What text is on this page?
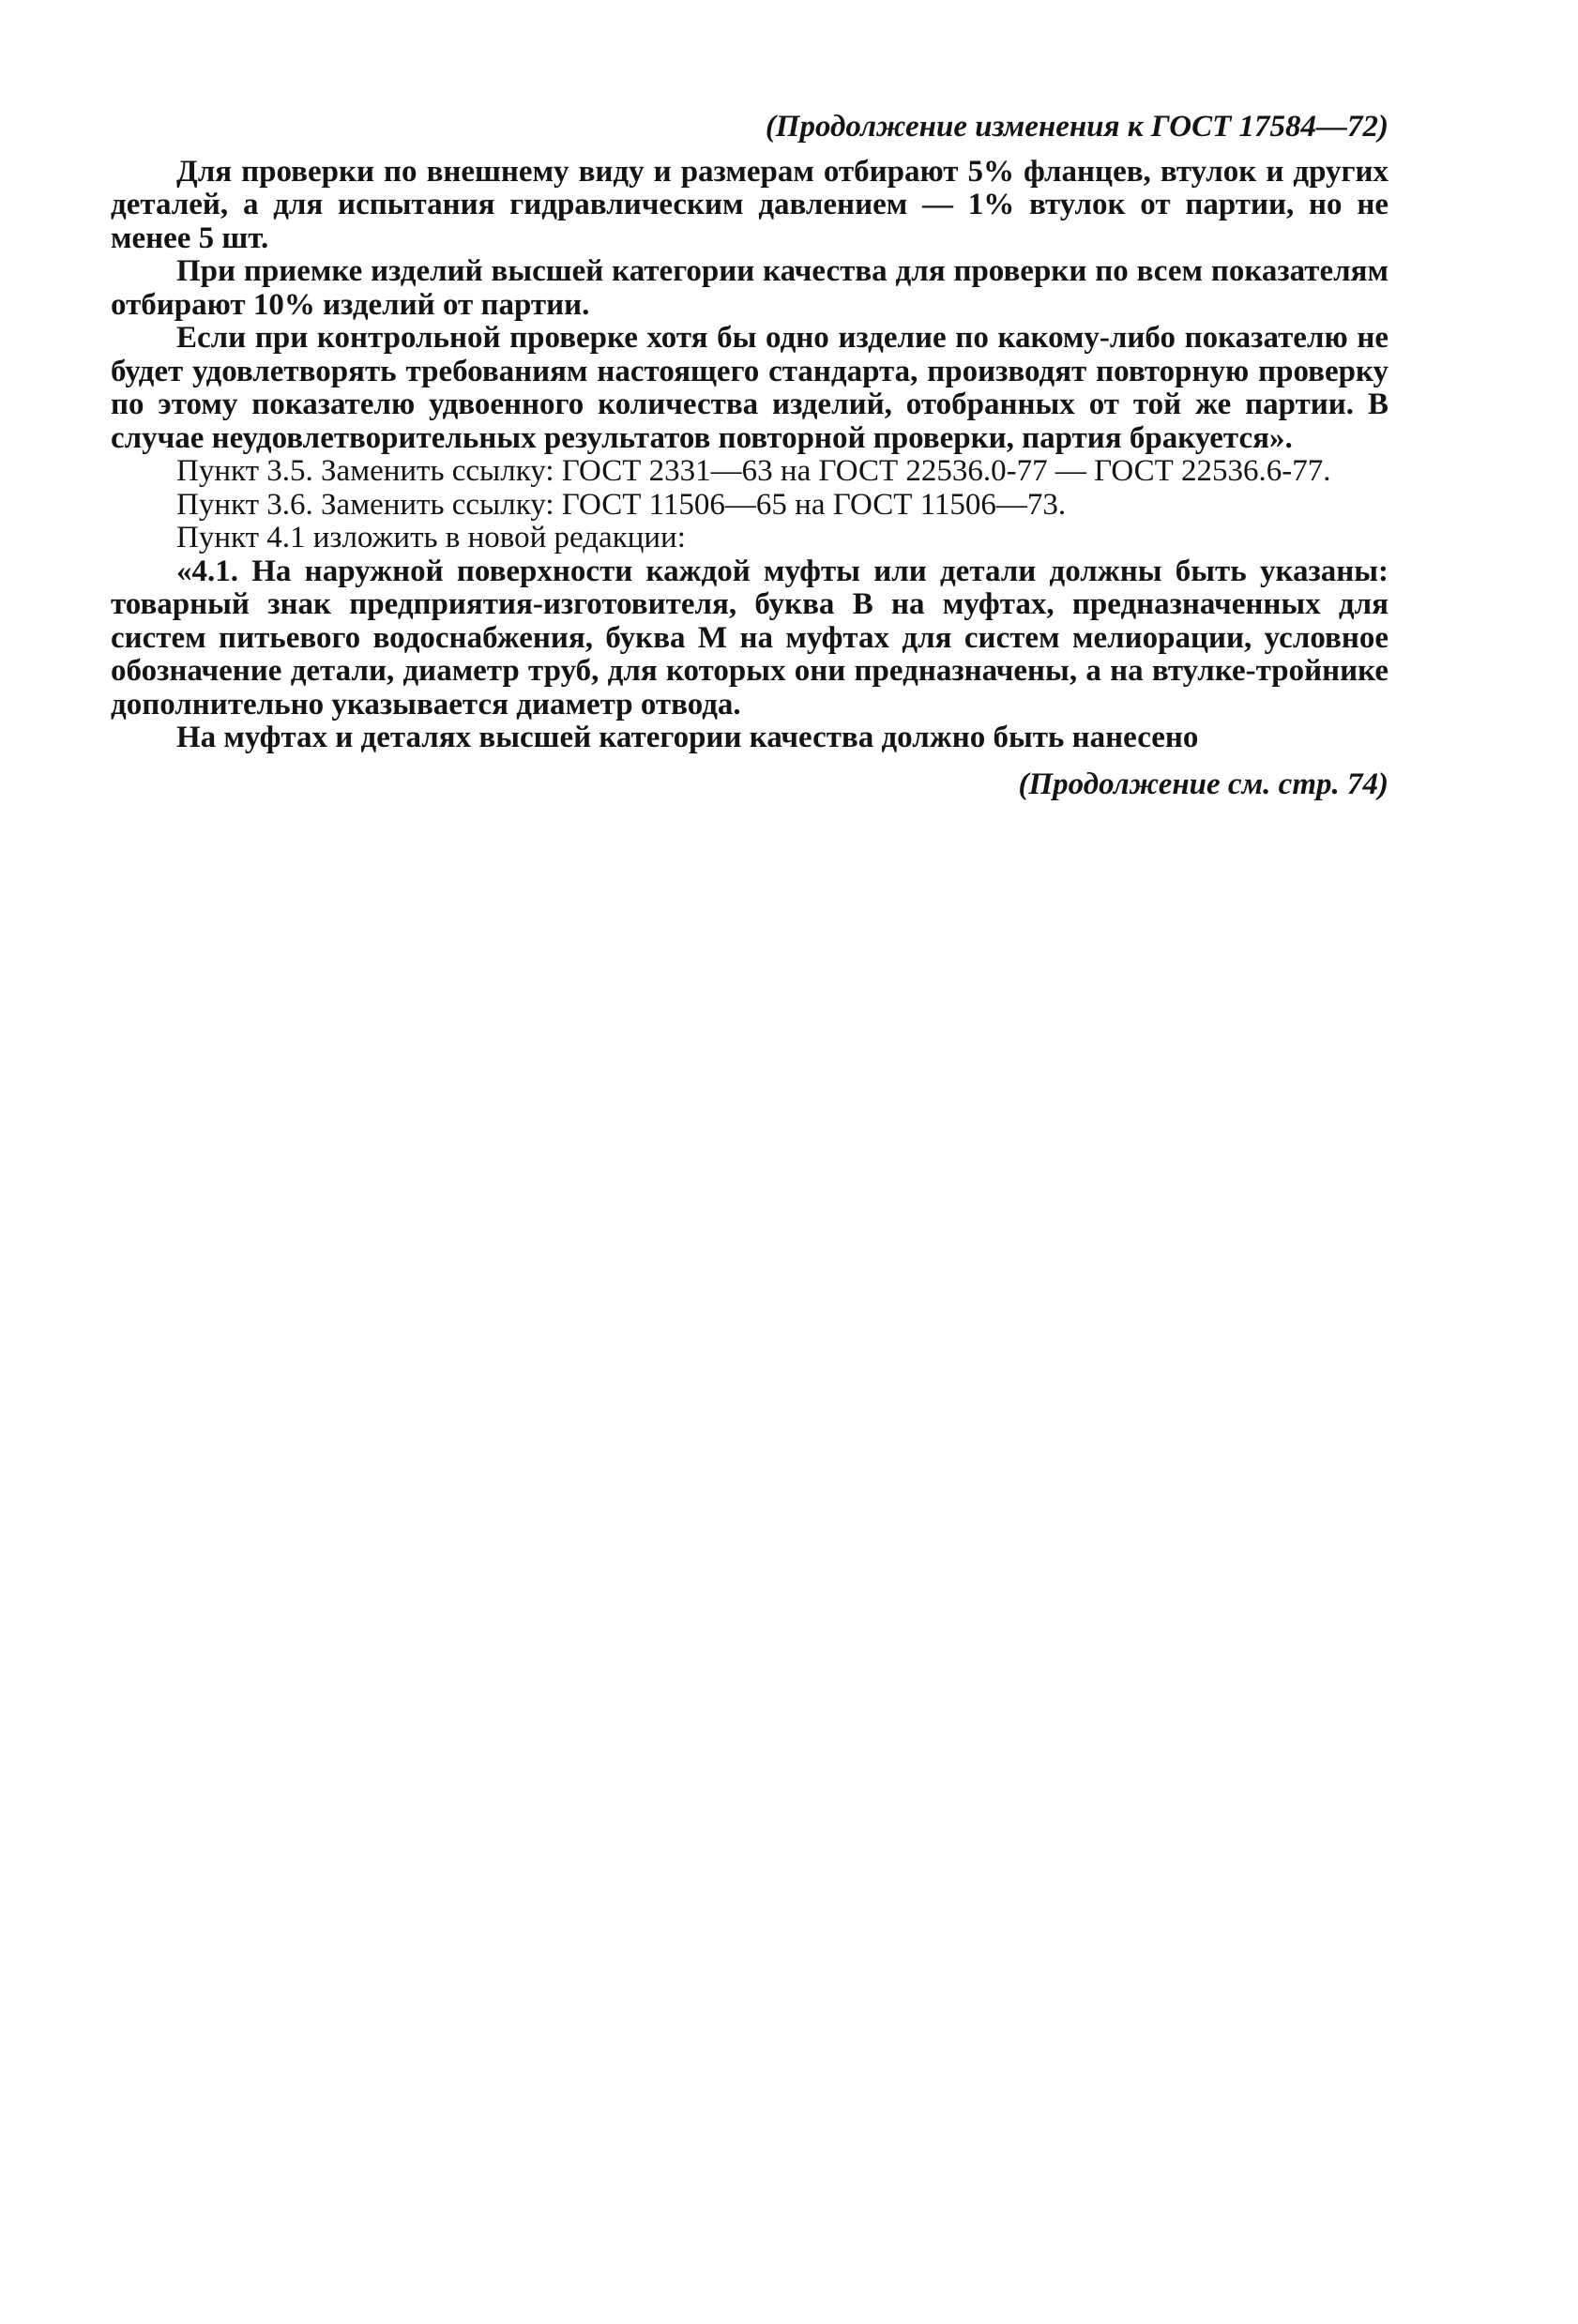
(Продолжение изменения к ГОСТ 17584—72)

Для проверки по внешнему виду и размерам отбирают 5% фланцев, втулок и других деталей, а для испытания гидравлическим давлением — 1% втулок от партии, но не менее 5 шт.

При приемке изделий высшей категории качества для проверки по всем показателям отбирают 10% изделий от партии.

Если при контрольной проверке хотя бы одно изделие по какому-либо показателю не будет удовлетворять требованиям настоящего стандарта, производят повторную проверку по этому показателю удвоенного количества изделий, отобранных от той же партии. В случае неудовлетворительных результатов повторной проверки, партия бракуется».

Пункт 3.5. Заменить ссылку: ГОСТ 2331—63 на ГОСТ 22536.0-77 — ГОСТ 22536.6-77.

Пункт 3.6. Заменить ссылку: ГОСТ 11506—65 на ГОСТ 11506—73.

Пункт 4.1 изложить в новой редакции:

«4.1. На наружной поверхности каждой муфты или детали должны быть указаны: товарный знак предприятия-изготовителя, буква В на муфтах, предназначенных для систем питьевого водоснабжения, буква М на муфтах для систем мелиорации, условное обозначение детали, диаметр труб, для которых они предназначены, а на втулке-тройнике дополнительно указывается диаметр отвода.

На муфтах и деталях высшей категории качества должно быть нанесено

(Продолжение см. стр. 74)
